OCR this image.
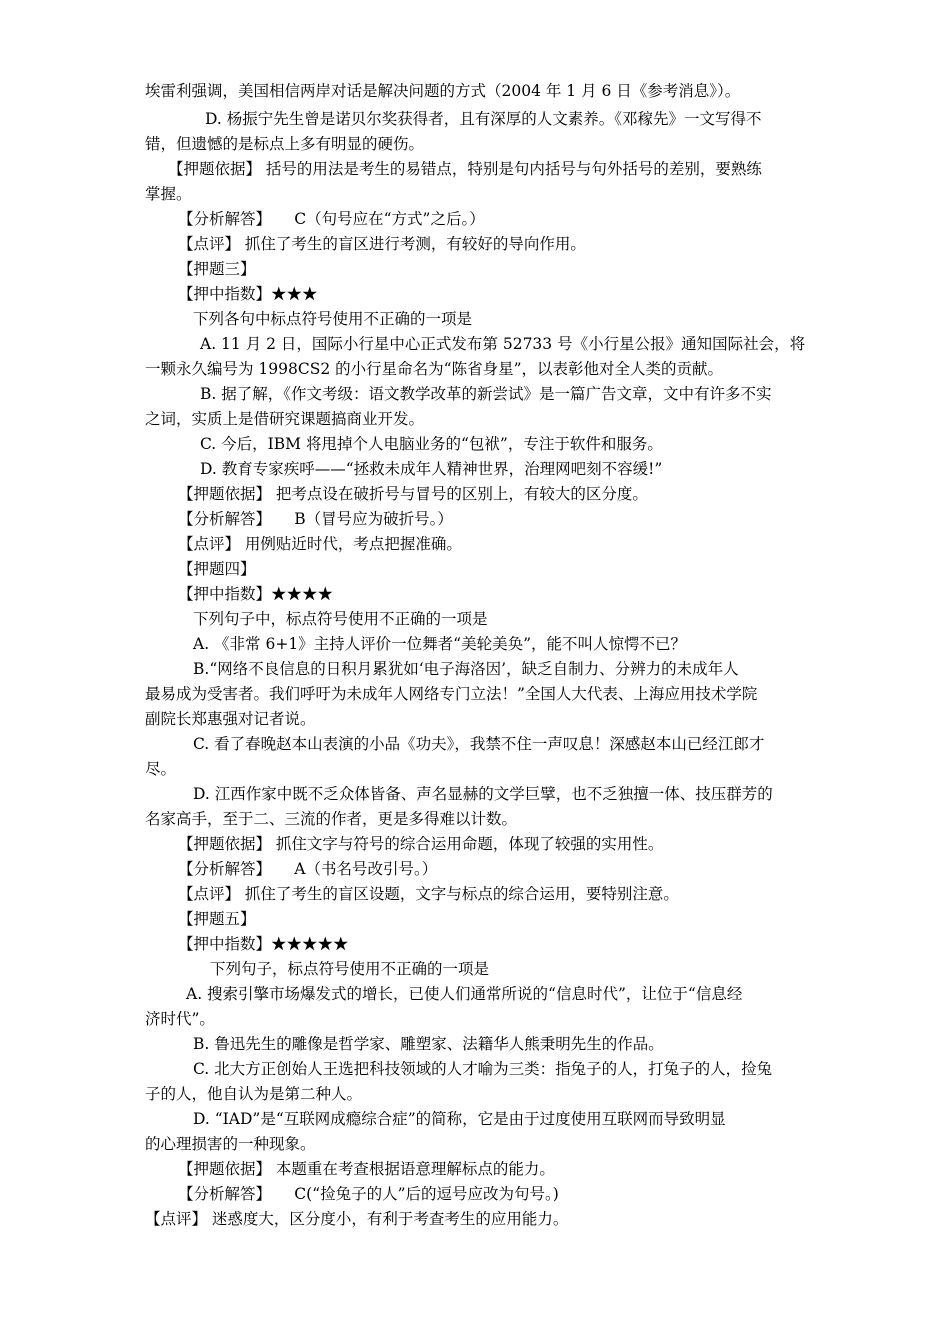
埃雷利强调，美国相信两岸对话是解决问题的方式（2004 年 1 月 6 日《参考消息》）。
D. 杨振宁先生曾是诺贝尔奖获得者，且有深厚的人文素养。《邓稼先》一文写得不
错，但遗憾的是标点上多有明显的硬伤。
【押题依据】 括号的用法是考生的易错点，特别是句内括号与句外括号的差别，要熟练
掌握。
【分析解答】　　C（句号应在“方式”之后。）
【点评】 抓住了考生的盲区进行考测，有较好的导向作用。
【押题三】
【押中指数】★★★
下列各句中标点符号使用不正确的一项是
A. 11 月 2 日，国际小行星中心正式发布第 52733 号《小行星公报》通知国际社会，将
一颗永久编号为 1998CS2 的小行星命名为“陈省身星”，以表彰他对全人类的贡献。
B. 据了解，《作文考级：语文教学改革的新尝试》是一篇广告文章，文中有许多不实
之词，实质上是借研究课题搞商业开发。
C. 今后，IBM 将甩掉个人电脑业务的“包袱”，专注于软件和服务。
D. 教育专家疾呼——“拯救未成年人精神世界，治理网吧刻不容缓!”
【押题依据】 把考点设在破折号与冒号的区别上，有较大的区分度。
【分析解答】　　B（冒号应为破折号。）
【点评】 用例贴近时代，考点把握准确。
【押题四】
【押中指数】★★★★
下列句子中，标点符号使用不正确的一项是
A. 《非常 6+1》主持人评价一位舞者“美轮美奂”，能不叫人惊愕不已？
B.“网络不良信息的日积月累犹如‘电子海洛因’，缺乏自制力、分辨力的未成年人
最易成为受害者。我们呼吁为未成年人网络专门立法！”全国人大代表、上海应用技术学院
副院长郑惠强对记者说。
C. 看了春晚赵本山表演的小品《功夫》，我禁不住一声叹息！深感赵本山已经江郎才
尽。
D. 江西作家中既不乏众体皆备、声名显赫的文学巨擘，也不乏独擅一体、技压群芳的
名家高手，至于二、三流的作者，更是多得难以计数。
【押题依据】 抓住文字与符号的综合运用命题，体现了较强的实用性。
【分析解答】　　A（书名号改引号。）
【点评】 抓住了考生的盲区设题，文字与标点的综合运用，要特别注意。
【押题五】
【押中指数】★★★★★
下列句子，标点符号使用不正确的一项是
A. 搜索引擎市场爆发式的增长，已使人们通常所说的“信息时代”，让位于“信息经
济时代”。
B. 鲁迅先生的雕像是哲学家、雕塑家、法籍华人熊秉明先生的作品。
C. 北大方正创始人王选把科技领域的人才喻为三类：指兔子的人，打兔子的人，捡兔
子的人，他自认为是第二种人。
D. “IAD”是“互联网成瘾综合症”的简称，它是由于过度使用互联网而导致明显
的心理损害的一种现象。
【押题依据】 本题重在考查根据语意理解标点的能力。
【分析解答】　　C(“捡兔子的人”后的逗号应改为句号。)
【点评】 迷惑度大，区分度小，有利于考查考生的应用能力。
